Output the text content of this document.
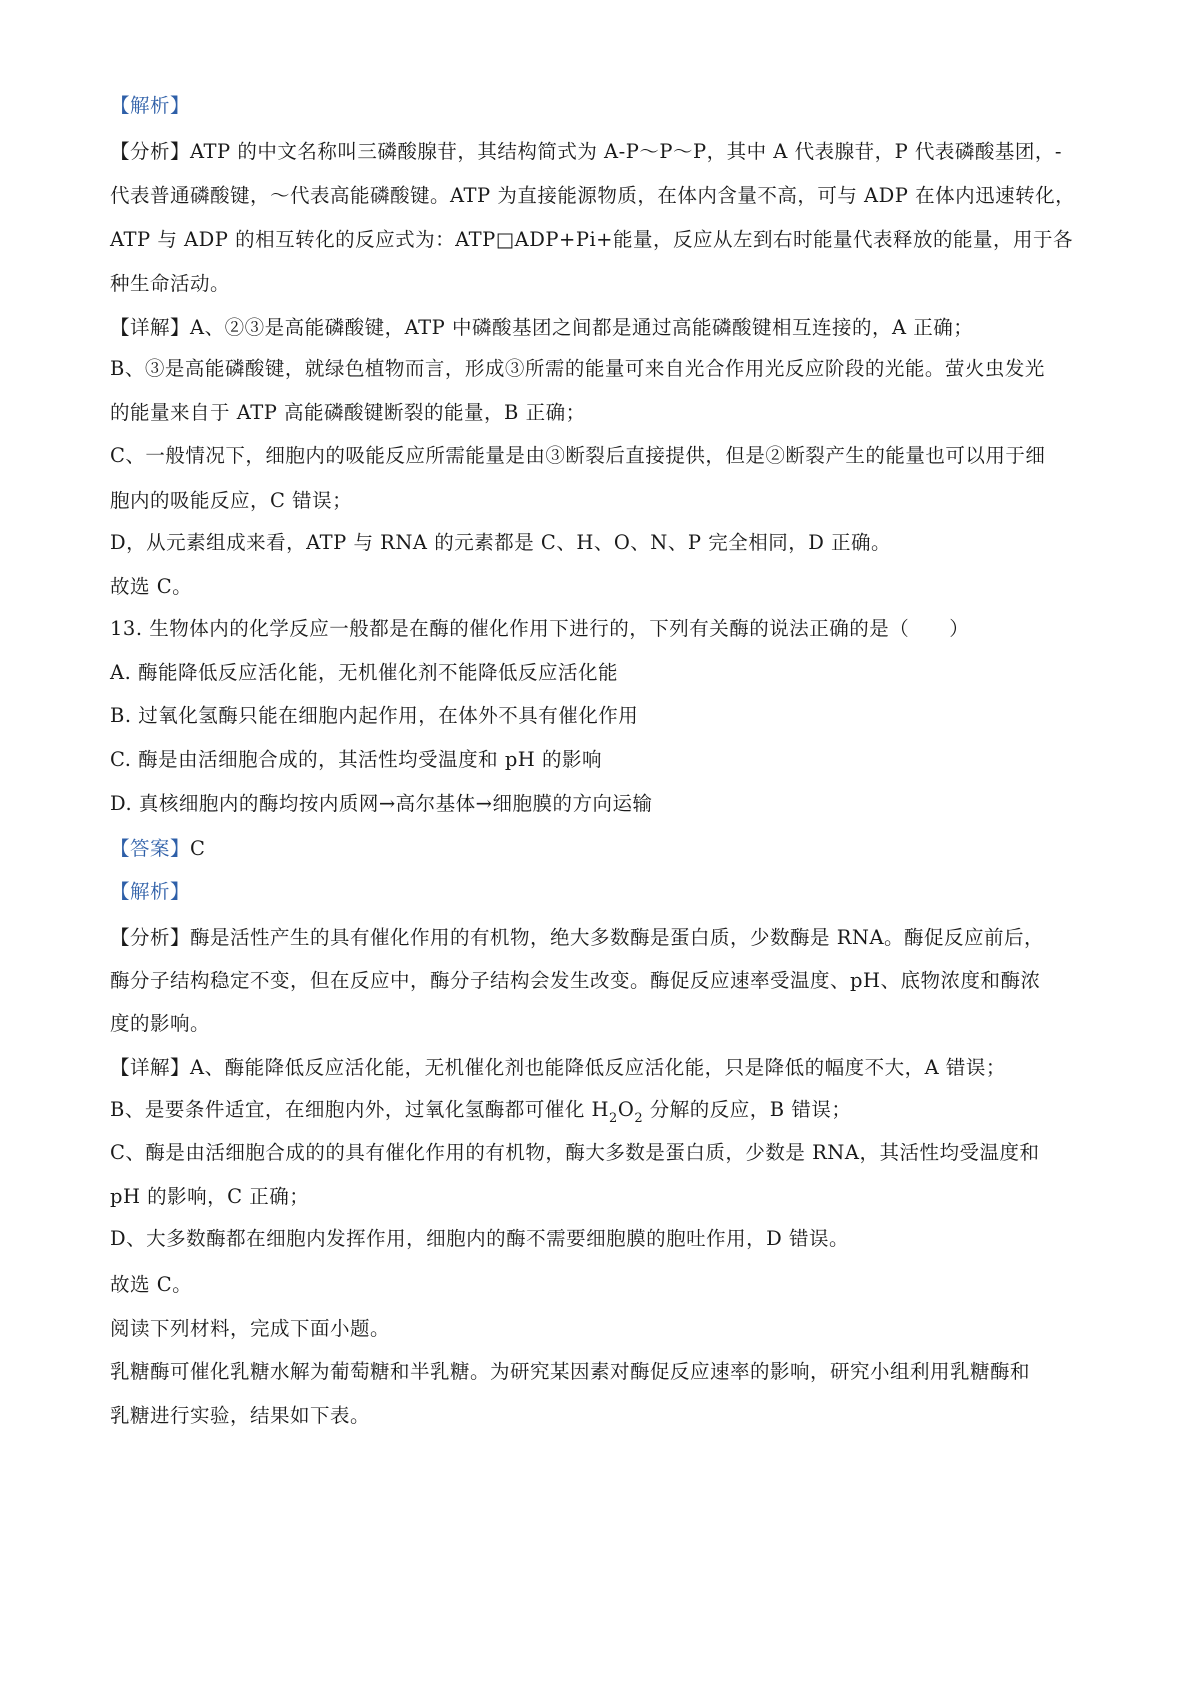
【解析】
【分析】ATP 的中文名称叫三磷酸腺苷，其结构简式为 A-P～P～P，其中 A 代表腺苷，P 代表磷酸基团，-
代表普通磷酸键，～代表高能磷酸键。ATP 为直接能源物质，在体内含量不高，可与 ADP 在体内迅速转化，
ATP 与 ADP 的相互转化的反应式为：ATP□ADP+Pi+能量，反应从左到右时能量代表释放的能量，用于各
种生命活动。
【详解】A、②③是高能磷酸键，ATP 中磷酸基团之间都是通过高能磷酸键相互连接的，A 正确；
B、③是高能磷酸键，就绿色植物而言，形成③所需的能量可来自光合作用光反应阶段的光能。萤火虫发光
的能量来自于 ATP 高能磷酸键断裂的能量，B 正确；
C、一般情况下，细胞内的吸能反应所需能量是由③断裂后直接提供，但是②断裂产生的能量也可以用于细
胞内的吸能反应，C 错误；
D，从元素组成来看，ATP 与 RNA 的元素都是 C、H、O、N、P 完全相同，D 正确。
故选 C。
13. 生物体内的化学反应一般都是在酶的催化作用下进行的，下列有关酶的说法正确的是（　　）
A. 酶能降低反应活化能，无机催化剂不能降低反应活化能
B. 过氧化氢酶只能在细胞内起作用，在体外不具有催化作用
C. 酶是由活细胞合成的，其活性均受温度和 pH 的影响
D. 真核细胞内的酶均按内质网→高尔基体→细胞膜的方向运输
【答案】C
【解析】
【分析】酶是活性产生的具有催化作用的有机物，绝大多数酶是蛋白质，少数酶是 RNA。酶促反应前后，
酶分子结构稳定不变，但在反应中，酶分子结构会发生改变。酶促反应速率受温度、pH、底物浓度和酶浓
度的影响。
【详解】A、酶能降低反应活化能，无机催化剂也能降低反应活化能，只是降低的幅度不大，A 错误；
B、是要条件适宜，在细胞内外，过氧化氢酶都可催化 $H_2O_2$ 分解的反应，B 错误；
C、酶是由活细胞合成的的具有催化作用的有机物，酶大多数是蛋白质，少数是 RNA，其活性均受温度和
pH 的影响，C 正确；
D、大多数酶都在细胞内发挥作用，细胞内的酶不需要细胞膜的胞吐作用，D 错误。
故选 C。
阅读下列材料，完成下面小题。
乳糖酶可催化乳糖水解为葡萄糖和半乳糖。为研究某因素对酶促反应速率的影响，研究小组利用乳糖酶和
乳糖进行实验，结果如下表。
